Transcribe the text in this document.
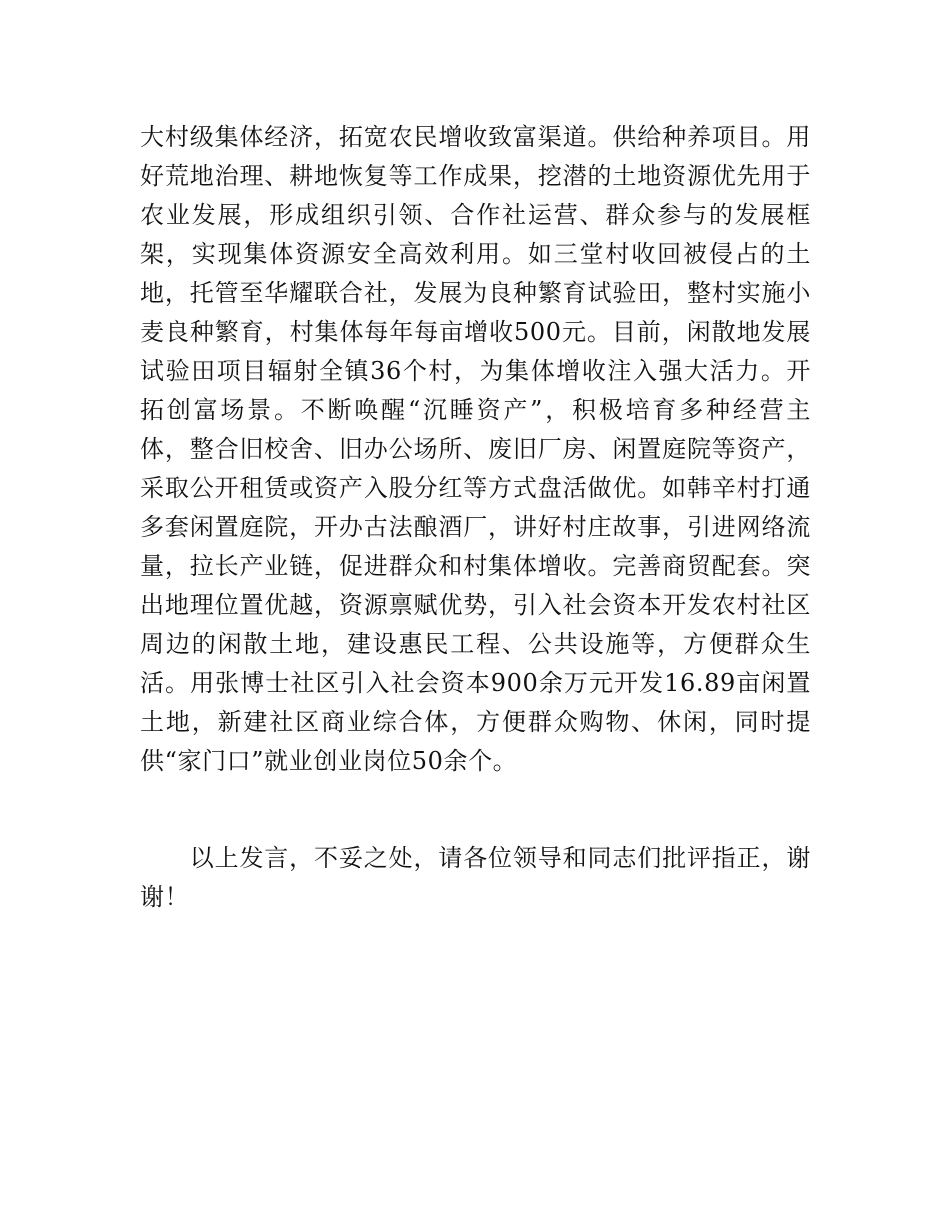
大村级集体经济，拓宽农民增收致富渠道。供给种养项目。用
好荒地治理、耕地恢复等工作成果，挖潜的土地资源优先用于
农业发展，形成组织引领、合作社运营、群众参与的发展框
架，实现集体资源安全高效利用。如三堂村收回被侵占的土
地，托管至华耀联合社，发展为良种繁育试验田，整村实施小
麦良种繁育，村集体每年每亩增收500元。目前，闲散地发展
试验田项目辐射全镇36个村，为集体增收注入强大活力。开
拓创富场景。不断唤醒“沉睡资产”，积极培育多种经营主
体，整合旧校舍、旧办公场所、废旧厂房、闲置庭院等资产，
采取公开租赁或资产入股分红等方式盘活做优。如韩辛村打通
多套闲置庭院，开办古法酿酒厂，讲好村庄故事，引进网络流
量，拉长产业链，促进群众和村集体增收。完善商贸配套。突
出地理位置优越，资源禀赋优势，引入社会资本开发农村社区
周边的闲散土地，建设惠民工程、公共设施等，方便群众生
活。用张博士社区引入社会资本900余万元开发16.89亩闲置
土地，新建社区商业综合体，方便群众购物、休闲，同时提
供“家门口”就业创业岗位50余个。
　　以上发言，不妥之处，请各位领导和同志们批评指正，谢
谢！
